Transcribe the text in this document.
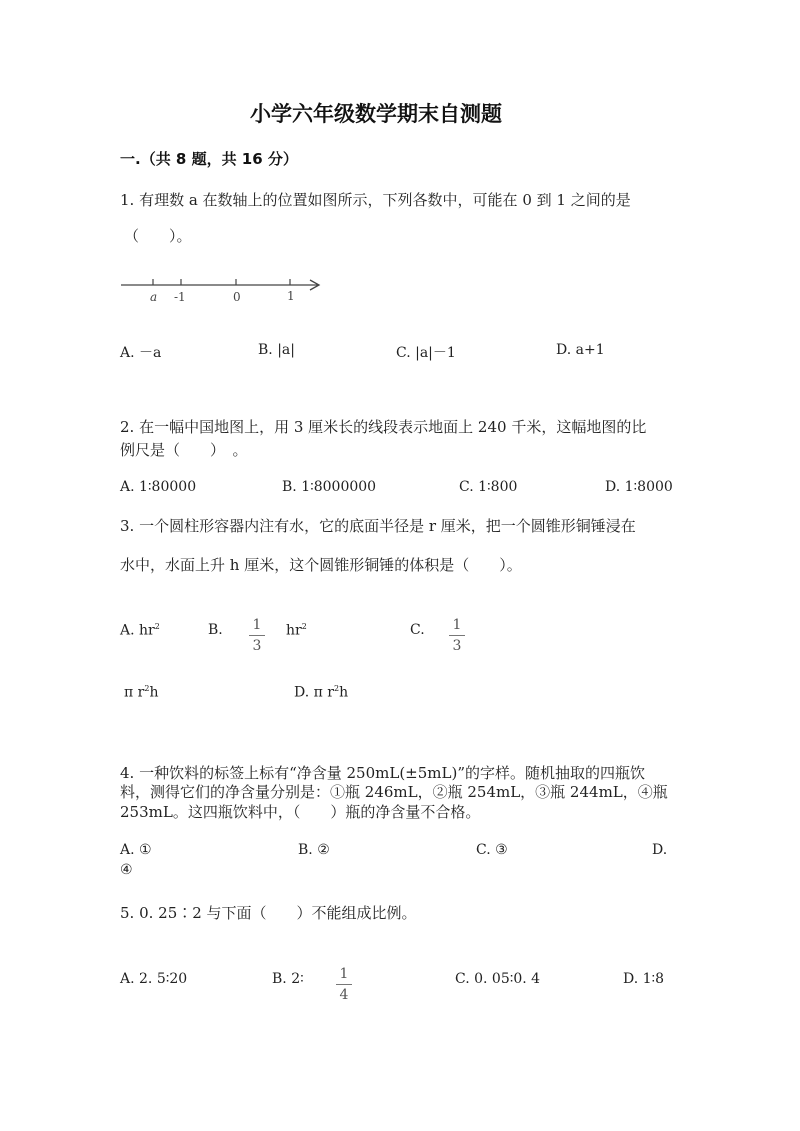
小学六年级数学期末自测题
一.（共 8 题，共 16 分）
1. 有理数 a 在数轴上的位置如图所示，下列各数中，可能在 0 到 1 之间的是
（　　）。
a -1	0	1
A. －a	B. |a|	C. |a|－1	D. a+1
2. 在一幅中国地图上，用 3 厘米长的线段表示地面上 240 千米，这幅地图的比
例尺是（　　）　。
A. 1∶80000	B. 1∶8000000	C. 1∶800	D. 1∶8000
3. 一个圆柱形容器内注有水，它的底面半径是 r 厘米，把一个圆锥形铜锤浸在
水中，水面上升 h 厘米，这个圆锥形铜锤的体积是（　　）。
A. $hr^2$	B. 1
3
$hr^2$	C. 1
3
π $r^2h$	D. π $r^2h$
4. 一种饮料的标签上标有“净含量 250mL(±5mL)”的字样。随机抽取的四瓶饮
料，测得它们的净含量分别是：①瓶 246mL，②瓶 254mL，③瓶 244mL，④瓶
253mL。这四瓶饮料中，（　　）瓶的净含量不合格。
A. ①	B. ②	C. ③	D.
④
5. 0. 25∶2 与下面（　　）不能组成比例。
A. 2. 5∶20	B. 2∶	1
4
C. 0. 05∶0. 4	D. 1∶8
